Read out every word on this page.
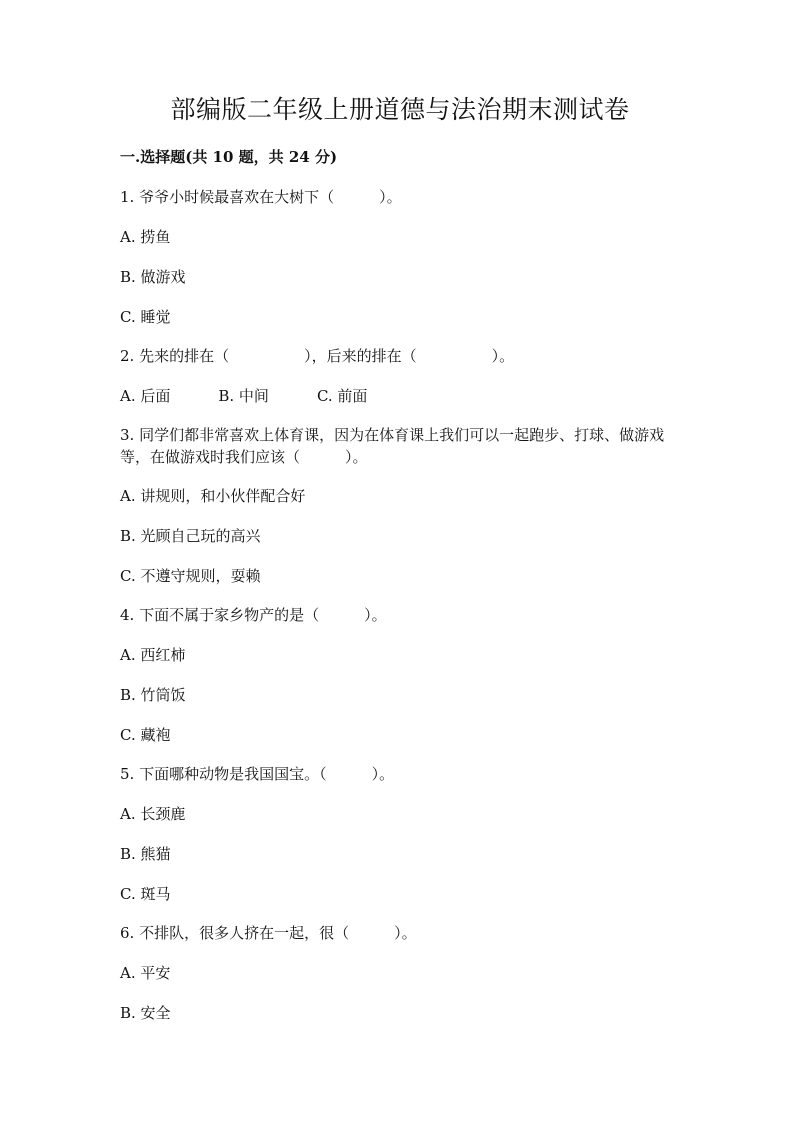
部编版二年级上册道德与法治期末测试卷
一.选择题(共 10 题，共 24 分)
1. 爷爷小时候最喜欢在大树下（　　　）。
A. 捞鱼
B. 做游戏
C. 睡觉
2. 先来的排在（　　　　　），后来的排在（　　　　　）。
A. 后面	B. 中间	C. 前面
3. 同学们都非常喜欢上体育课，因为在体育课上我们可以一起跑步、打球、做游戏等，在做游戏时我们应该（　　　）。
A. 讲规则，和小伙伴配合好
B. 光顾自己玩的高兴
C. 不遵守规则，耍赖
4. 下面不属于家乡物产的是（　　　）。
A. 西红柿
B. 竹筒饭
C. 藏袍
5. 下面哪种动物是我国国宝。（　　　）。
A. 长颈鹿
B. 熊猫
C. 斑马
6. 不排队，很多人挤在一起，很（　　　）。
A. 平安
B. 安全
